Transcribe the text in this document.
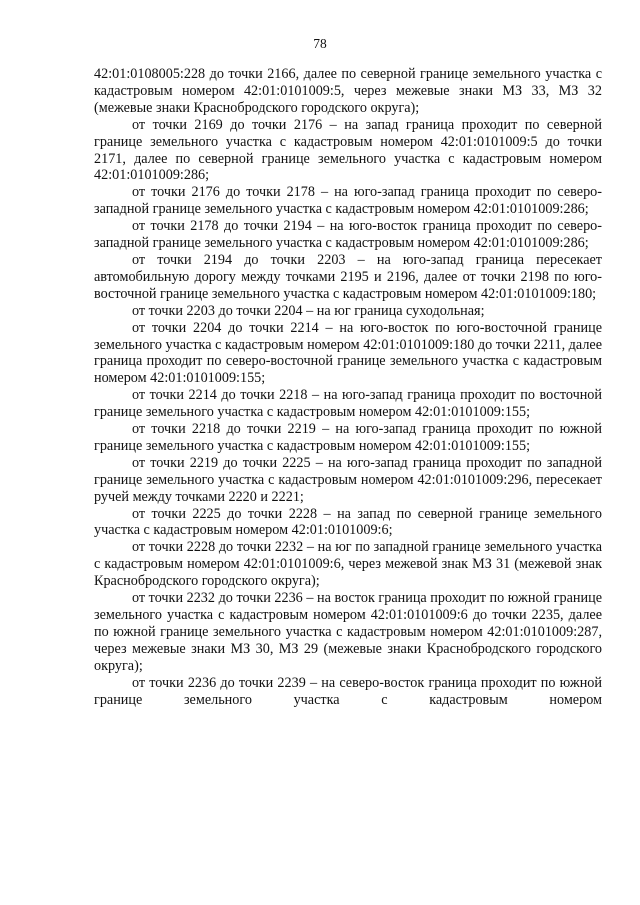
78

42:01:0108005:228 до точки 2166, далее по северной границе земельного участка с кадастровым номером 42:01:0101009:5, через межевые знаки МЗ 33, МЗ 32 (межевые знаки Краснобродского городского округа);

от точки 2169 до точки 2176 – на запад граница проходит по северной границе земельного участка с кадастровым номером 42:01:0101009:5 до точки 2171, далее по северной границе земельного участка с кадастровым номером 42:01:0101009:286;

от точки 2176 до точки 2178 – на юго-запад граница проходит по северо-западной границе земельного участка с кадастровым номером 42:01:0101009:286;

от точки 2178 до точки 2194 – на юго-восток граница проходит по северо-западной границе земельного участка с кадастровым номером 42:01:0101009:286;

от точки 2194 до точки 2203 – на юго-запад граница пересекает автомобильную дорогу между точками 2195 и 2196, далее от точки 2198 по юго-восточной границе земельного участка с кадастровым номером 42:01:0101009:180;

от точки 2203 до точки 2204 – на юг граница суходольная;

от точки 2204 до точки 2214 – на юго-восток по юго-восточной границе земельного участка с кадастровым номером 42:01:0101009:180 до точки 2211, далее граница проходит по северо-восточной границе земельного участка с кадастровым номером 42:01:0101009:155;

от точки 2214 до точки 2218 – на юго-запад граница проходит по восточной границе земельного участка с кадастровым номером 42:01:0101009:155;

от точки 2218 до точки 2219 – на юго-запад граница проходит по южной границе земельного участка с кадастровым номером 42:01:0101009:155;

от точки 2219 до точки 2225 – на юго-запад граница проходит по западной границе земельного участка с кадастровым номером 42:01:0101009:296, пересекает ручей между точками 2220 и 2221;

от точки 2225 до точки 2228 – на запад по северной границе земельного участка с кадастровым номером 42:01:0101009:6;

от точки 2228 до точки 2232 – на юг по западной границе земельного участка с кадастровым номером 42:01:0101009:6, через межевой знак МЗ 31 (межевой знак Краснобродского городского округа);

от точки 2232 до точки 2236 – на восток граница проходит по южной границе земельного участка с кадастровым номером 42:01:0101009:6 до точки 2235, далее по южной границе земельного участка с кадастровым номером 42:01:0101009:287, через межевые знаки МЗ 30, МЗ 29 (межевые знаки Краснобродского городского округа);

от точки 2236 до точки 2239 – на северо-восток граница проходит по южной границе земельного участка с кадастровым номером
